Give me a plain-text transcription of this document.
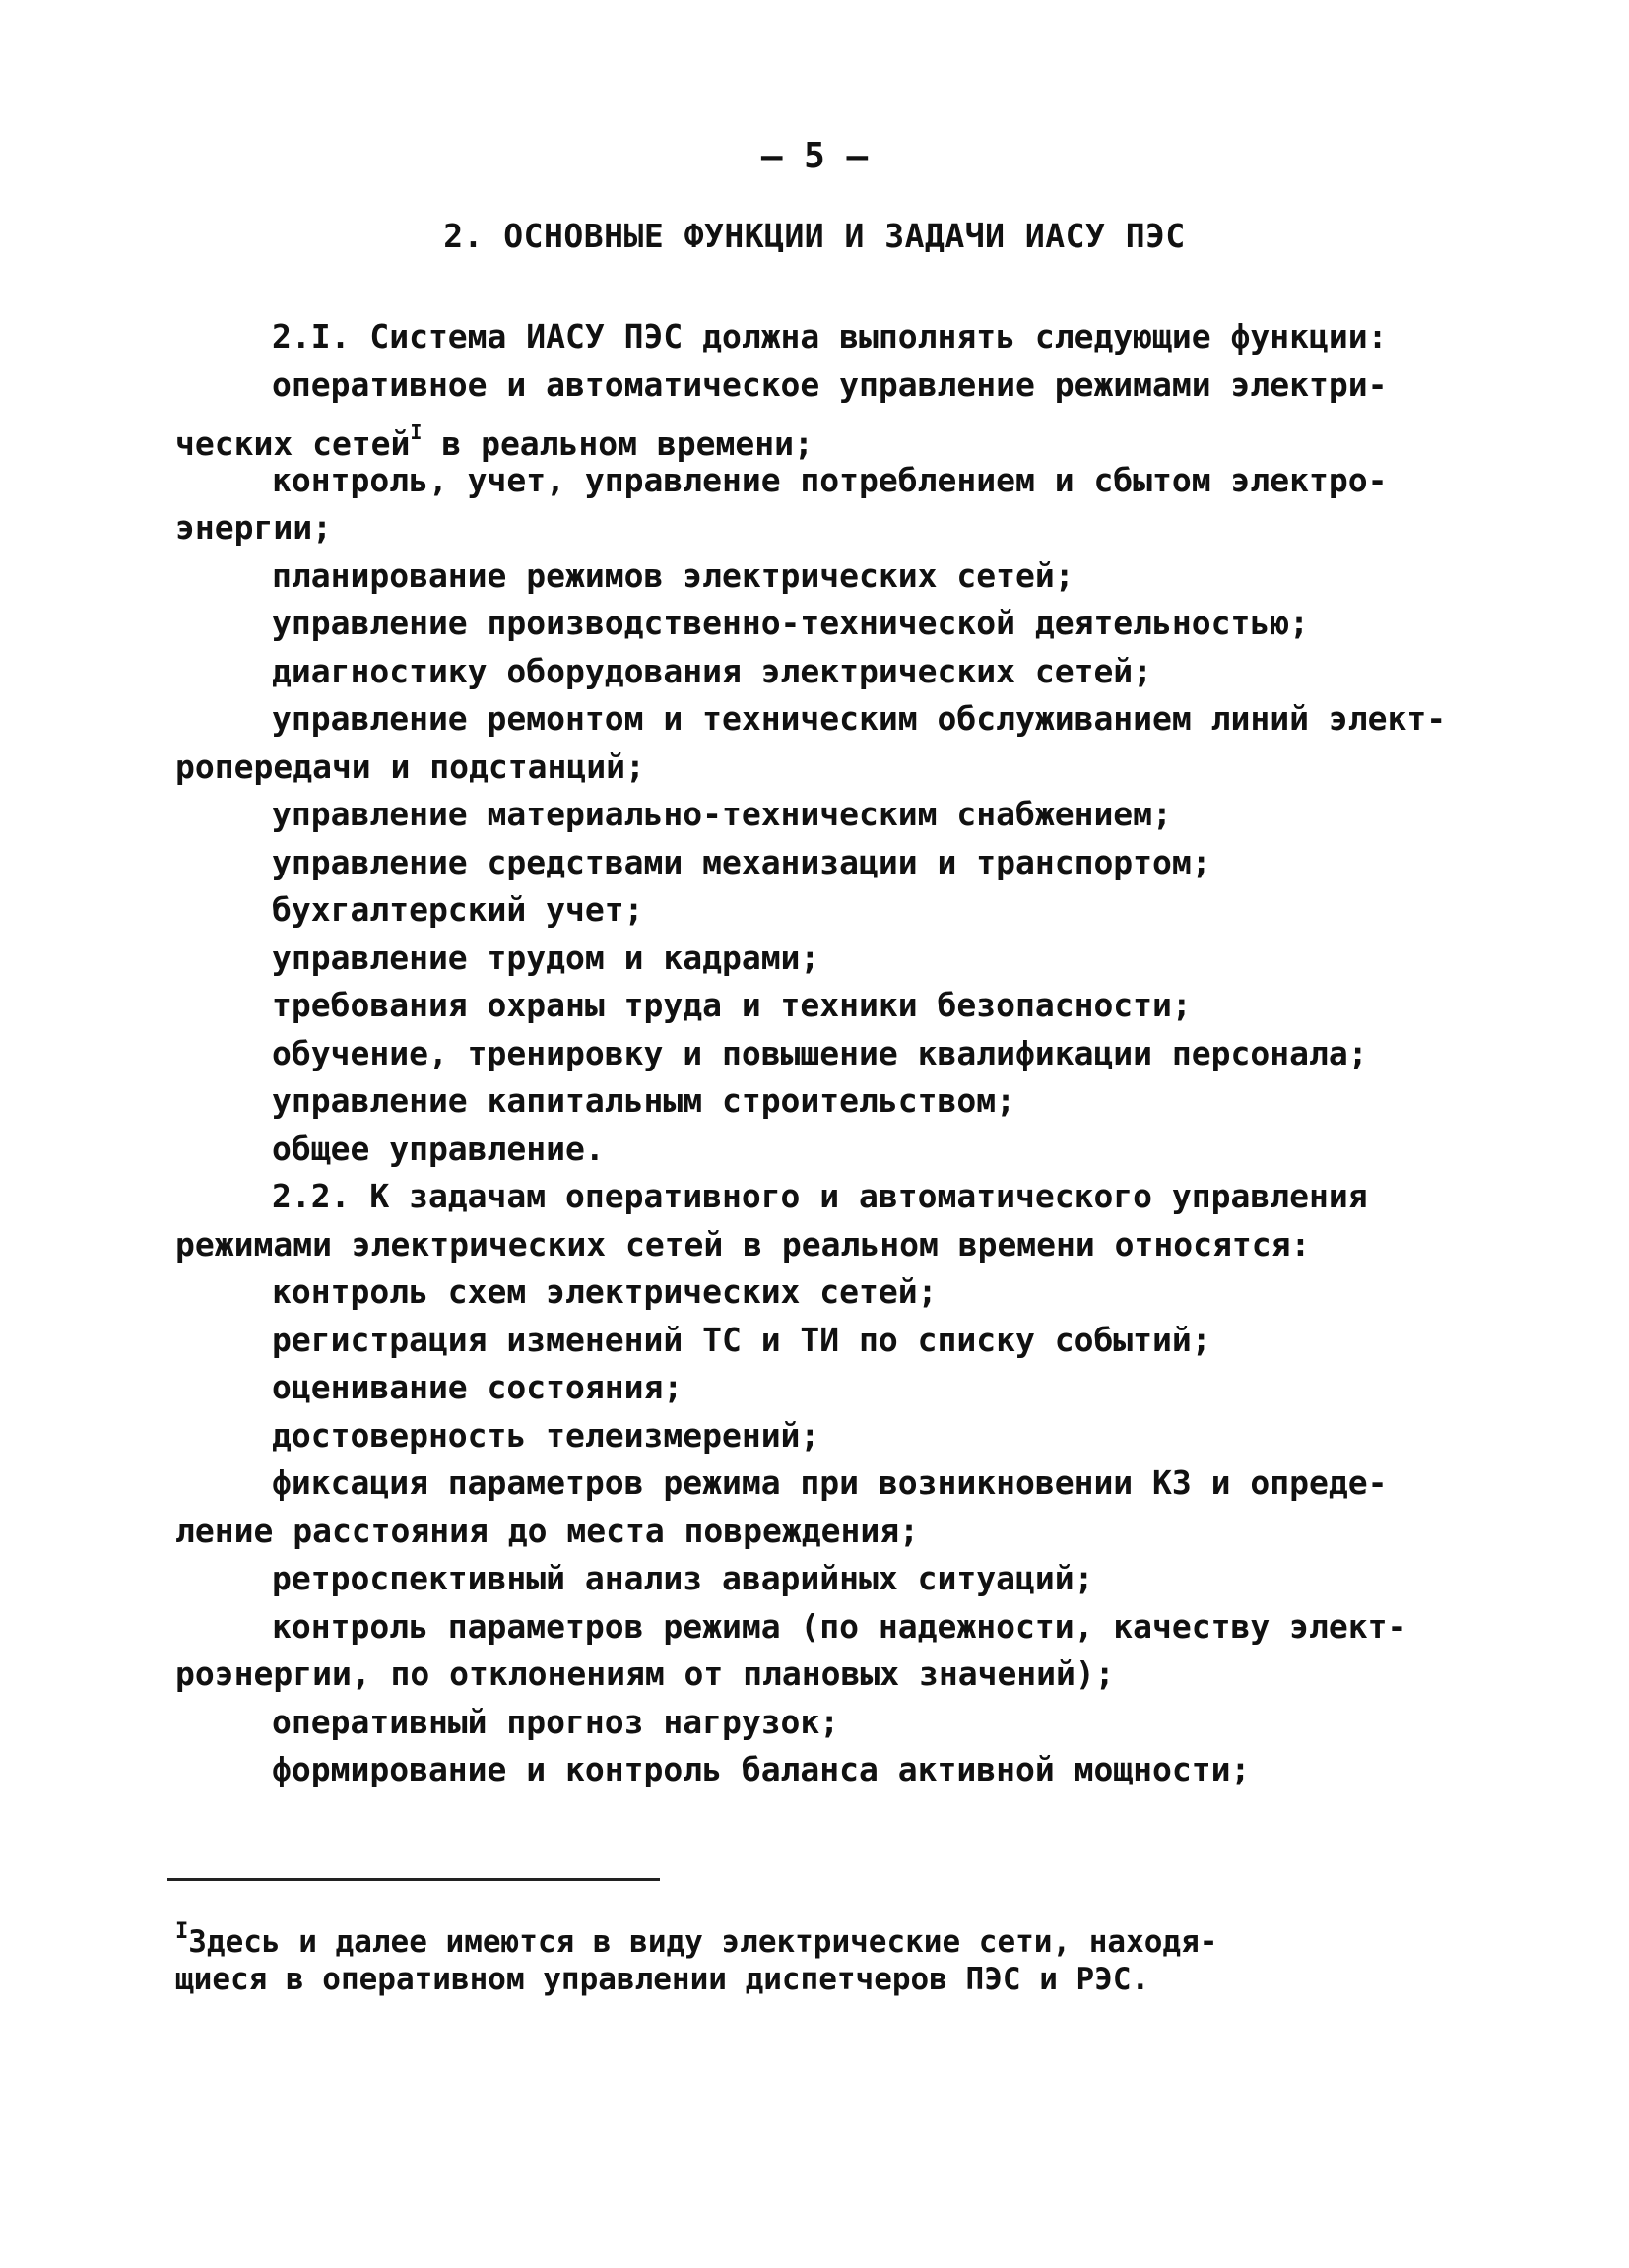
– 5 –
2. ОСНОВНЫЕ ФУНКЦИИ И ЗАДАЧИ ИАСУ ПЭС
2.I. Система ИАСУ ПЭС должна выполнять следующие функции:
оперативное и автоматическое управление режимами электри-
ческих сетей$^I$ в реальном времени;
контроль, учет, управление потреблением и сбытом электро-
энергии;
планирование режимов электрических сетей;
управление производственно-технической деятельностью;
диагностику оборудования электрических сетей;
управление ремонтом и техническим обслуживанием линий элект-
ропередачи и подстанций;
управление материально-техническим снабжением;
управление средствами механизации и транспортом;
бухгалтерский учет;
управление трудом и кадрами;
требования охраны труда и техники безопасности;
обучение, тренировку и повышение квалификации персонала;
управление капитальным строительством;
общее управление.
2.2. К задачам оперативного и автоматического управления
режимами электрических сетей в реальном времени относятся:
контроль схем электрических сетей;
регистрация изменений ТС и ТИ по списку событий;
оценивание состояния;
достоверность телеизмерений;
фиксация параметров режима при возникновении КЗ и опреде-
ление расстояния до места повреждения;
ретроспективный анализ аварийных ситуаций;
контроль параметров режима (по надежности, качеству элект-
роэнергии, по отклонениям от плановых значений);
оперативный прогноз нагрузок;
формирование и контроль баланса активной мощности;
$^I$Здесь и далее имеются в виду электрические сети, находя-
щиеся в оперативном управлении диспетчеров ПЭС и РЭС.
